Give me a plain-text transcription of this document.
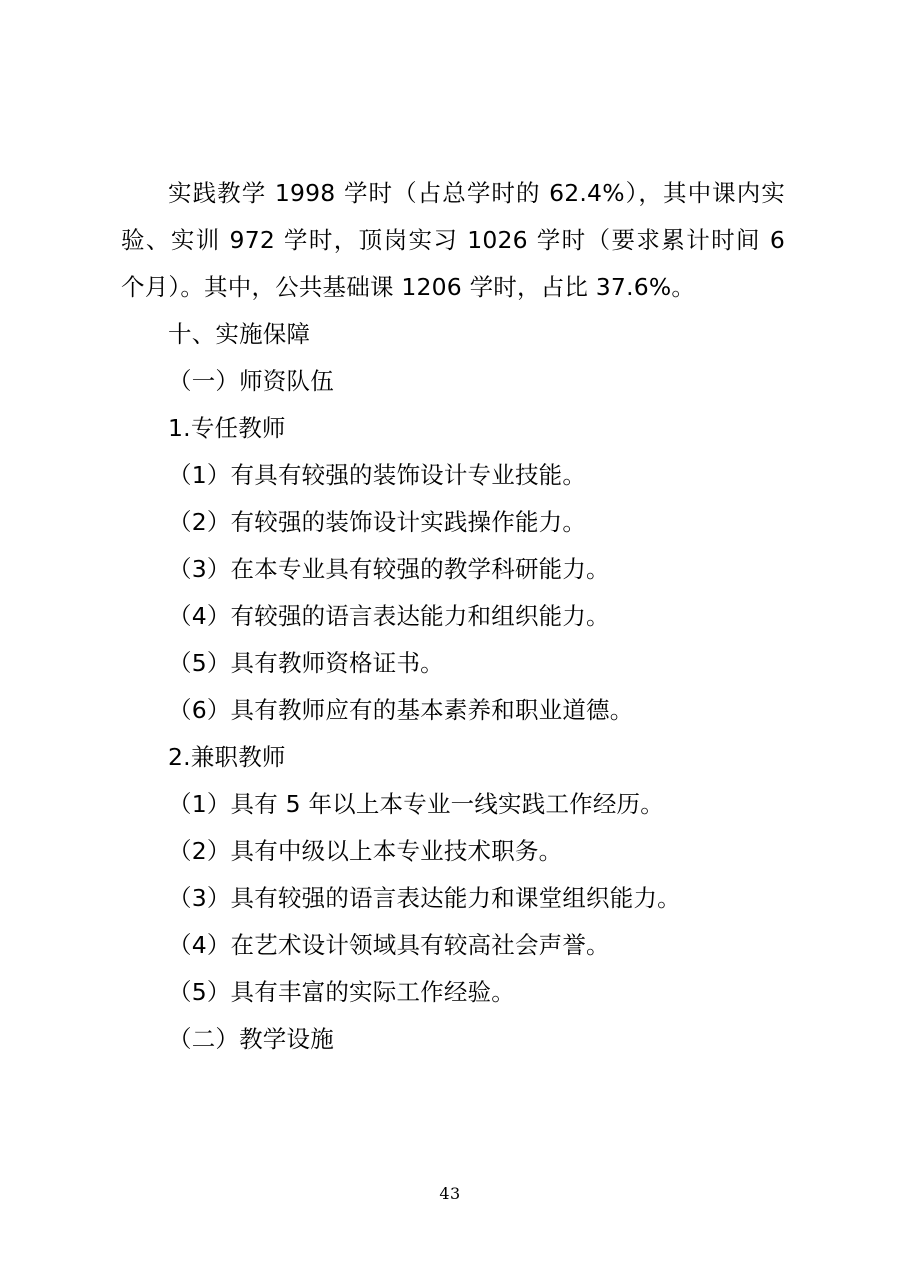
实践教学 1998 学时（占总学时的 62.4%），其中课内实验、实训 972 学时，顶岗实习 1026 学时（要求累计时间 6 个月）。其中，公共基础课 1206 学时，占比 37.6%。

十、实施保障

（一）师资队伍

1.专任教师

（1）有具有较强的装饰设计专业技能。

（2）有较强的装饰设计实践操作能力。

（3）在本专业具有较强的教学科研能力。

（4）有较强的语言表达能力和组织能力。

（5）具有教师资格证书。

（6）具有教师应有的基本素养和职业道德。

2.兼职教师

（1）具有 5 年以上本专业一线实践工作经历。

（2）具有中级以上本专业技术职务。

（3）具有较强的语言表达能力和课堂组织能力。

（4）在艺术设计领域具有较高社会声誉。

（5）具有丰富的实际工作经验。

（二）教学设施

43
